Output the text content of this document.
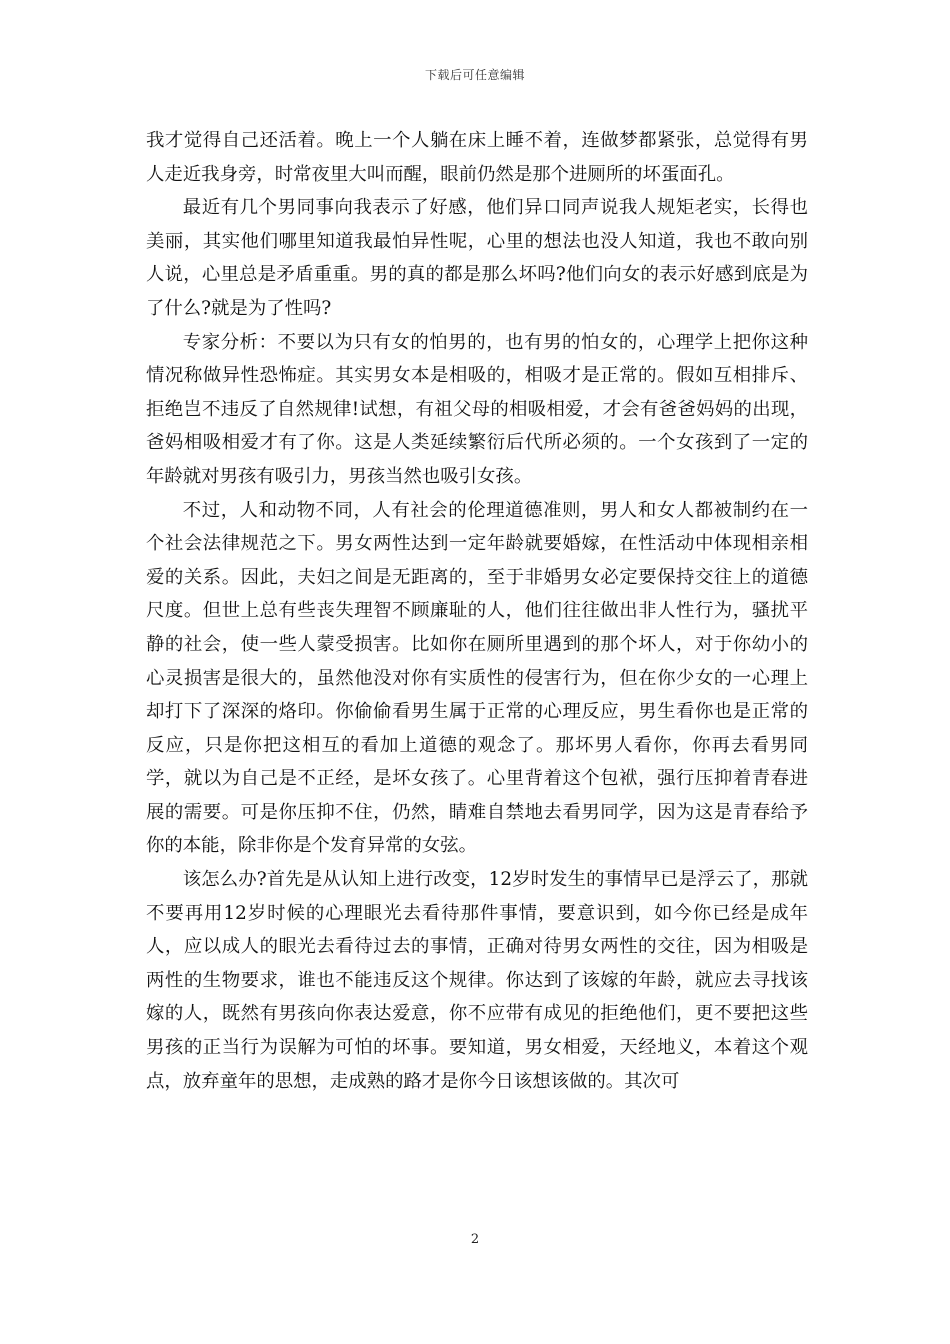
下载后可任意编辑

我才觉得自己还活着。晚上一个人躺在床上睡不着，连做梦都紧张，总觉得有男人走近我身旁，时常夜里大叫而醒，眼前仍然是那个进厕所的坏蛋面孔。

最近有几个男同事向我表示了好感，他们异口同声说我人规矩老实，长得也美丽，其实他们哪里知道我最怕异性呢，心里的想法也没人知道，我也不敢向别人说，心里总是矛盾重重。男的真的都是那么坏吗?他们向女的表示好感到底是为了什么?就是为了性吗?

专家分析：不要以为只有女的怕男的，也有男的怕女的，心理学上把你这种情况称做异性恐怖症。其实男女本是相吸的，相吸才是正常的。假如互相排斥、拒绝岂不违反了自然规律!试想，有祖父母的相吸相爱，才会有爸爸妈妈的出现，爸妈相吸相爱才有了你。这是人类延续繁衍后代所必须的。一个女孩到了一定的年龄就对男孩有吸引力，男孩当然也吸引女孩。

不过，人和动物不同，人有社会的伦理道德准则，男人和女人都被制约在一个社会法律规范之下。男女两性达到一定年龄就要婚嫁，在性活动中体现相亲相爱的关系。因此，夫妇之间是无距离的，至于非婚男女必定要保持交往上的道德尺度。但世上总有些丧失理智不顾廉耻的人，他们往往做出非人性行为，骚扰平静的社会，使一些人蒙受损害。比如你在厕所里遇到的那个坏人，对于你幼小的心灵损害是很大的，虽然他没对你有实质性的侵害行为，但在你少女的一心理上却打下了深深的烙印。你偷偷看男生属于正常的心理反应，男生看你也是正常的反应，只是你把这相互的看加上道德的观念了。那坏男人看你，你再去看男同学，就以为自己是不正经，是坏女孩了。心里背着这个包袱，强行压抑着青春进展的需要。可是你压抑不住，仍然，睛难自禁地去看男同学，因为这是青春给予你的本能，除非你是个发育异常的女弦。

该怎么办?首先是从认知上进行改变，12岁时发生的事情早已是浮云了，那就不要再用12岁时候的心理眼光去看待那件事情，要意识到，如今你已经是成年人，应以成人的眼光去看待过去的事情，正确对待男女两性的交往，因为相吸是两性的生物要求，谁也不能违反这个规律。你达到了该嫁的年龄，就应去寻找该嫁的人，既然有男孩向你表达爱意，你不应带有成见的拒绝他们，更不要把这些男孩的正当行为误解为可怕的坏事。要知道，男女相爱，天经地义，本着这个观点，放弃童年的思想，走成熟的路才是你今日该想该做的。其次可

2
